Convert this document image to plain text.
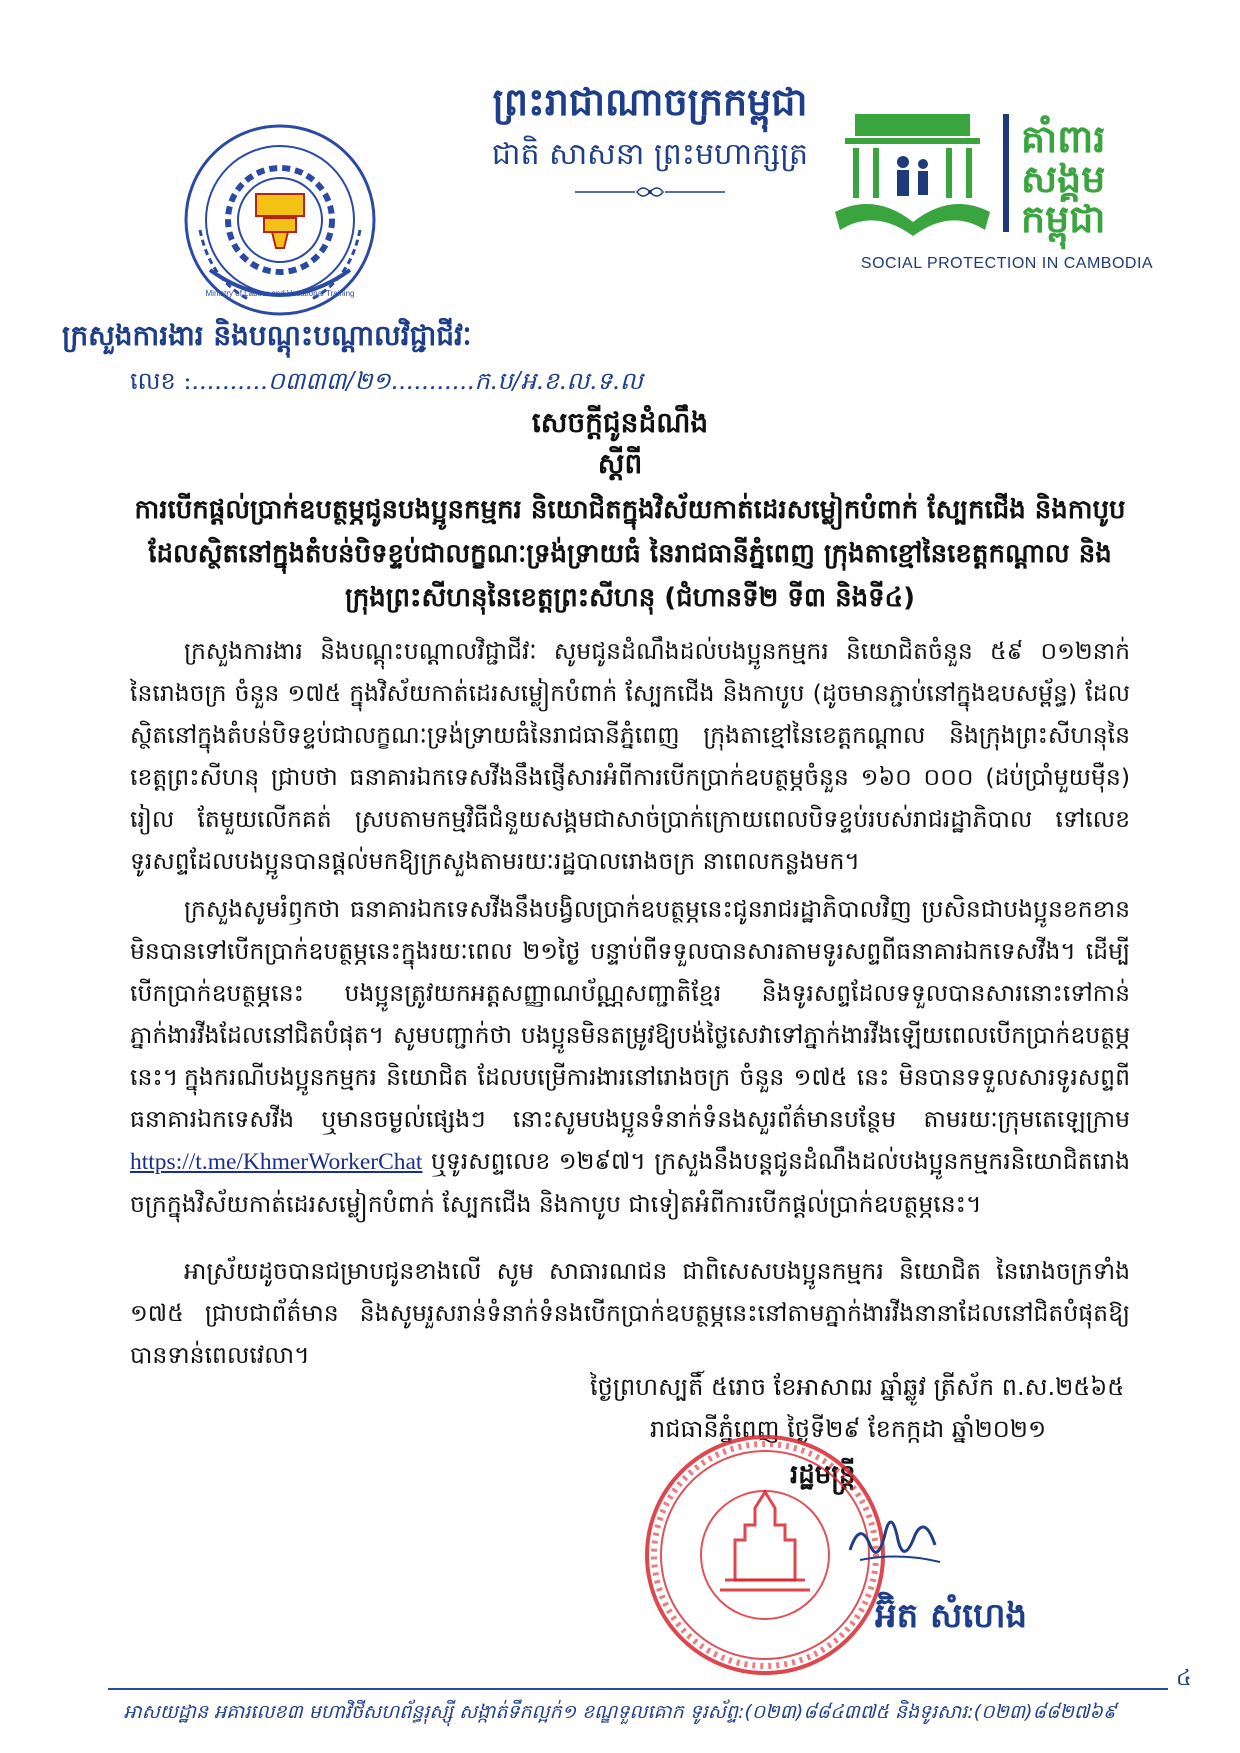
Ministry of Labour and Vocational Training
ព្រះរាជាណាចក្រកម្ពុជា
ជាតិ សាសនា ព្រះមហាក្សត្រ	គាំពារ
សង្គម
កម្ពុជា
SOCIAL PROTECTION IN CAMBODIA
ក្រសួងការងារ និងបណ្តុះបណ្តាលវិជ្ជាជីវៈ
លេខ :..........០៣៣៣/២១...........ក.ប/អ.ខ.ល.ទ.ល
សេចក្តីជូនដំណឹង
ស្តីពី
ការបើកផ្តល់ប្រាក់ឧបត្ថម្ភជូនបងប្អូនកម្មករ និយោជិតក្នុងវិស័យកាត់ដេរសម្លៀកបំពាក់ ស្បែកជើង និងកាបូប ដែលស្ថិតនៅក្នុងតំបន់បិទខ្ទប់ជាលក្ខណៈទ្រង់ទ្រាយធំ នៃរាជធានីភ្នំពេញ ក្រុងតាខ្មៅនៃខេត្តកណ្តាល និងក្រុងព្រះសីហនុនៃខេត្តព្រះសីហនុ (ជំហានទី២ ទី៣ និងទី៤)
ក្រសួងការងារ និងបណ្តុះបណ្តាលវិជ្ជាជីវៈ សូមជូនដំណឹងដល់បងប្អូនកម្មករ និយោជិតចំនួន ៥៩ ០១២នាក់ នៃរោងចក្រ ចំនួន ១៧៥ ក្នុងវិស័យកាត់ដេរសម្លៀកបំពាក់ ស្បែកជើង និងកាបូប (ដូចមានភ្ជាប់នៅក្នុងឧបសម្ព័ន្ធ) ដែលស្ថិតនៅក្នុងតំបន់បិទខ្ទប់ជាលក្ខណៈទ្រង់ទ្រាយធំនៃរាជធានីភ្នំពេញ ក្រុងតាខ្មៅនៃខេត្តកណ្តាល និងក្រុងព្រះសីហនុនៃខេត្តព្រះសីហនុ ជ្រាបថា ធនាគារឯកទេសវីងនឹងផ្ញើសារអំពីការបើកប្រាក់ឧបត្ថម្ភចំនួន ១៦០ ០០០ (ដប់ប្រាំមួយម៉ឺន) រៀល តែមួយលើកគត់ ស្របតាមកម្មវិធីជំនួយសង្គមជាសាច់ប្រាក់ក្រោយពេលបិទខ្ទប់របស់រាជរដ្ឋាភិបាល ទៅលេខទូរសព្ទដែលបងប្អូនបានផ្តល់មកឱ្យក្រសួងតាមរយៈរដ្ឋបាលរោងចក្រ នាពេលកន្លងមក។
ក្រសួងសូមរំឭកថា ធនាគារឯកទេសវីងនឹងបង្វិលប្រាក់ឧបត្ថម្ភនេះជូនរាជរដ្ឋាភិបាលវិញ ប្រសិនជាបងប្អូនខកខានមិនបានទៅបើកប្រាក់ឧបត្ថម្ភនេះក្នុងរយៈពេល ២១ថ្ងៃ បន្ទាប់ពីទទួលបានសារតាមទូរសព្ទពីធនាគារឯកទេសវីង។ ដើម្បីបើកប្រាក់ឧបត្ថម្ភនេះ បងប្អូនត្រូវយកអត្តសញ្ញាណប័ណ្ណសញ្ជាតិខ្មែរ និងទូរសព្ទដែលទទួលបានសារនោះទៅកាន់ភ្នាក់ងារវីងដែលនៅជិតបំផុត។ សូមបញ្ជាក់ថា បងប្អូនមិនតម្រូវឱ្យបង់ថ្លៃសេវាទៅភ្នាក់ងារវីងឡើយពេលបើកប្រាក់ឧបត្ថម្ភនេះ។ ក្នុងករណីបងប្អូនកម្មករ និយោជិត ដែលបម្រើការងារនៅរោងចក្រ ចំនួន ១៧៥ នេះ មិនបានទទួលសារទូរសព្ទពីធនាគារឯកទេសវីង ឬមានចម្ងល់ផ្សេងៗ នោះសូមបងប្អូនទំនាក់ទំនងសួរព័ត៌មានបន្ថែម តាមរយៈក្រុមតេឡេក្រាម https://t.me/KhmerWorkerChat ឬទូរសព្ទលេខ ១២៩៧។ ក្រសួងនឹងបន្តជូនដំណឹងដល់បងប្អូនកម្មករនិយោជិតរោងចក្រក្នុងវិស័យកាត់ដេរសម្លៀកបំពាក់ ស្បែកជើង និងកាបូប ជាទៀតអំពីការបើកផ្តល់ប្រាក់ឧបត្ថម្ភនេះ។
អាស្រ័យដូចបានជម្រាបជូនខាងលើ សូម សាធារណជន ជាពិសេសបងប្អូនកម្មករ និយោជិត នៃរោងចក្រទាំង ១៧៥ ជ្រាបជាព័ត៌មាន និងសូមរួសរាន់ទំនាក់ទំនងបើកប្រាក់ឧបត្ថម្ភនេះនៅតាមភ្នាក់ងារវីងនានាដែលនៅជិតបំផុតឱ្យបានទាន់ពេលវេលា។
ថ្ងៃព្រហស្បតិ៍ ៥រោច ខែអាសាឍ ឆ្នាំឆ្លូវ ត្រីស័ក ព.ស.២៥៦៥
រាជធានីភ្នំពេញ ថ្ងៃទី២៩ ខែកក្កដា ឆ្នាំ២០២១
រដ្ឋមន្ត្រី
អ៊ិត សំហេង
៤
អាសយដ្ឋាន អគារលេខ៣ មហាវិថីសហព័ន្ធរុស្ស៊ី សង្កាត់ទឹកល្អក់១ ខណ្ឌទួលគោក ទូរស័ព្ទ:(០២៣)៨៨៤៣៧៥ និងទូរសារ:(០២៣)៨៨២៧៦៩
